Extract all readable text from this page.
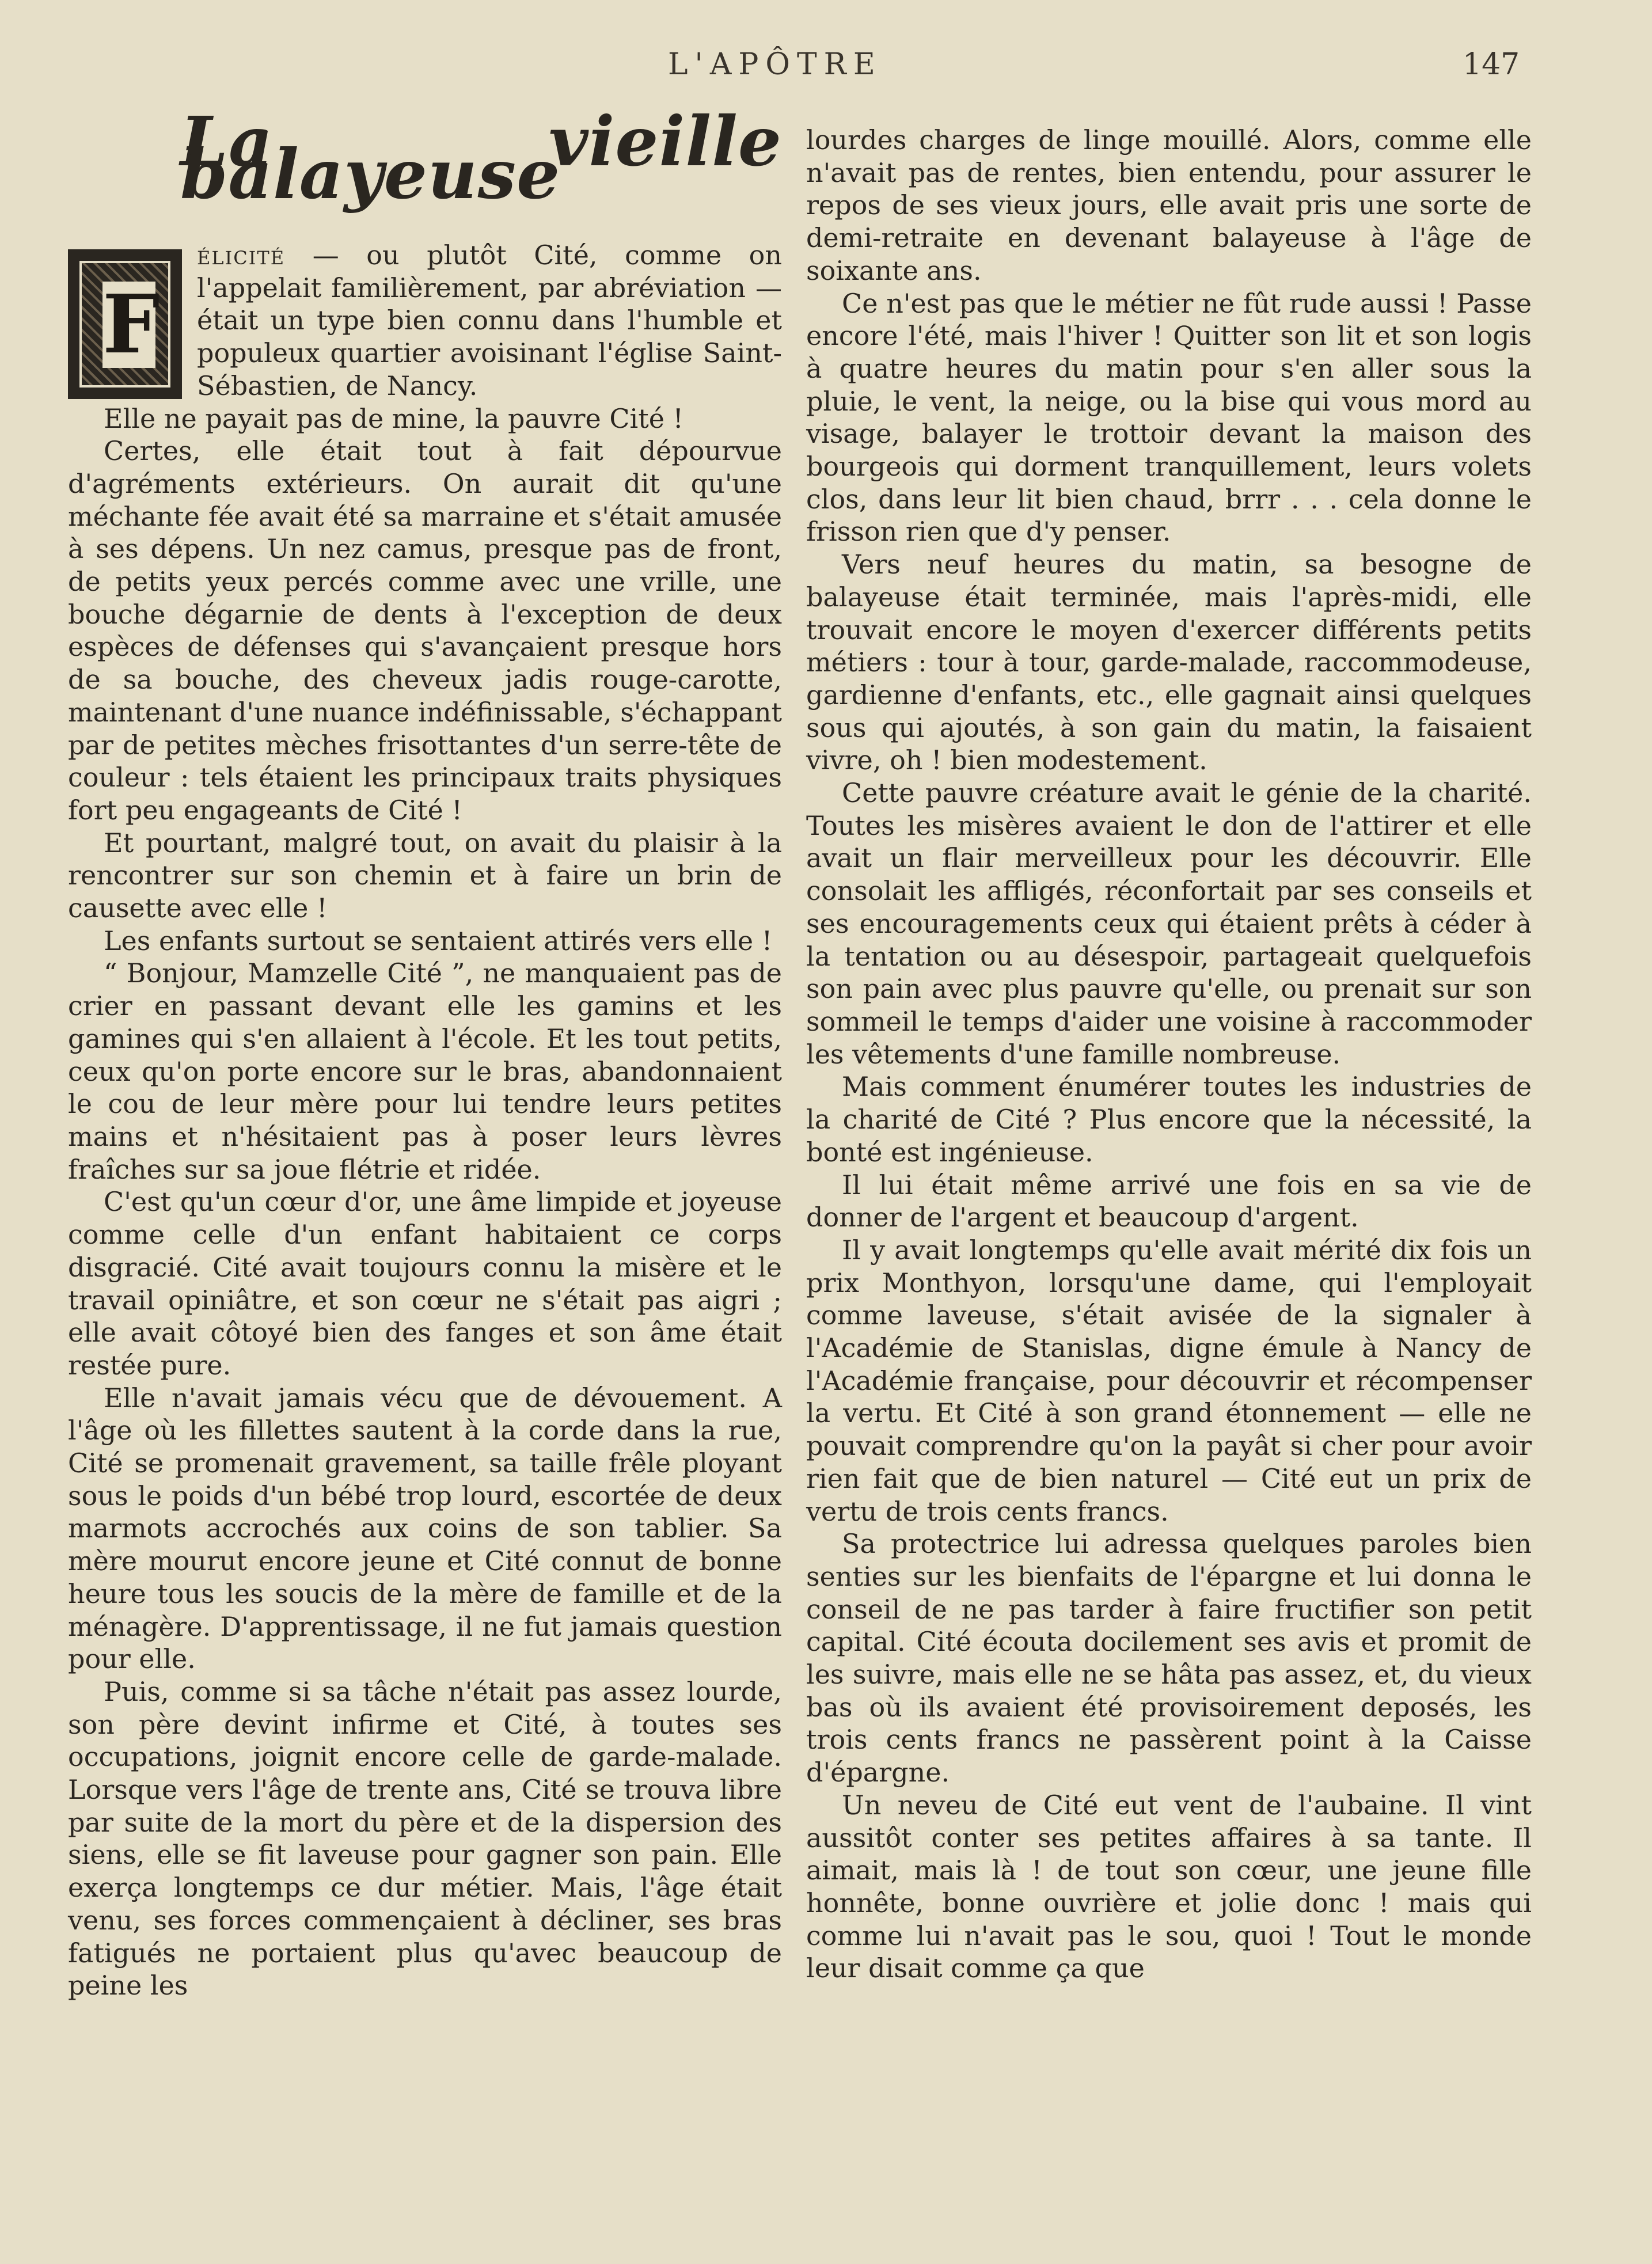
L'APÔTRE	147
La vieille balayeuse

F
élicité — ou plutôt Cité, comme on l'appelait familièrement, par abréviation — était un type bien connu dans l'humble et populeux quartier avoisinant l'église Saint-Sébastien, de Nancy.

Elle ne payait pas de mine, la pauvre Cité !

Certes, elle était tout à fait dépourvue d'agréments extérieurs. On aurait dit qu'une méchante fée avait été sa marraine et s'était amusée à ses dépens. Un nez camus, presque pas de front, de petits yeux percés comme avec une vrille, une bouche dégarnie de dents à l'exception de deux espèces de défenses qui s'avançaient presque hors de sa bouche, des cheveux jadis rouge-carotte, maintenant d'une nuance indéfinissable, s'échappant par de petites mèches frisottantes d'un serre-tête de couleur : tels étaient les principaux traits physiques fort peu engageants de Cité !

Et pourtant, malgré tout, on avait du plaisir à la rencontrer sur son chemin et à faire un brin de causette avec elle !

Les enfants surtout se sentaient attirés vers elle !

“ Bonjour, Mamzelle Cité ”, ne manquaient pas de crier en passant devant elle les gamins et les gamines qui s'en allaient à l'école. Et les tout petits, ceux qu'on porte encore sur le bras, abandonnaient le cou de leur mère pour lui tendre leurs petites mains et n'hésitaient pas à poser leurs lèvres fraîches sur sa joue flétrie et ridée.

C'est qu'un cœur d'or, une âme limpide et joyeuse comme celle d'un enfant habitaient ce corps disgracié. Cité avait toujours connu la misère et le travail opiniâtre, et son cœur ne s'était pas aigri ; elle avait côtoyé bien des fanges et son âme était restée pure.

Elle n'avait jamais vécu que de dévouement. A l'âge où les fillettes sautent à la corde dans la rue, Cité se promenait gravement, sa taille frêle ployant sous le poids d'un bébé trop lourd, escortée de deux marmots accrochés aux coins de son tablier. Sa mère mourut encore jeune et Cité connut de bonne heure tous les soucis de la mère de famille et de la ménagère. D'apprentissage, il ne fut jamais question pour elle.

Puis, comme si sa tâche n'était pas assez lourde, son père devint infirme et Cité, à toutes ses occupations, joignit encore celle de garde-malade. Lorsque vers l'âge de trente ans, Cité se trouva libre par suite de la mort du père et de la dispersion des siens, elle se fit laveuse pour gagner son pain. Elle exerça longtemps ce dur métier. Mais, l'âge était venu, ses forces commençaient à décliner, ses bras fatigués ne portaient plus qu'avec beaucoup de peine les

lourdes charges de linge mouillé. Alors, comme elle n'avait pas de rentes, bien entendu, pour assurer le repos de ses vieux jours, elle avait pris une sorte de demi-retraite en devenant balayeuse à l'âge de soixante ans.

Ce n'est pas que le métier ne fût rude aussi ! Passe encore l'été, mais l'hiver ! Quitter son lit et son logis à quatre heures du matin pour s'en aller sous la pluie, le vent, la neige, ou la bise qui vous mord au visage, balayer le trottoir devant la maison des bourgeois qui dorment tranquillement, leurs volets clos, dans leur lit bien chaud, brrr . . . cela donne le frisson rien que d'y penser.

Vers neuf heures du matin, sa besogne de balayeuse était terminée, mais l'après-midi, elle trouvait encore le moyen d'exercer différents petits métiers : tour à tour, garde-malade, raccommodeuse, gardienne d'enfants, etc., elle gagnait ainsi quelques sous qui ajoutés, à son gain du matin, la faisaient vivre, oh ! bien modestement.

Cette pauvre créature avait le génie de la charité. Toutes les misères avaient le don de l'attirer et elle avait un flair merveilleux pour les découvrir. Elle consolait les affligés, réconfortait par ses conseils et ses encouragements ceux qui étaient prêts à céder à la tentation ou au désespoir, partageait quelquefois son pain avec plus pauvre qu'elle, ou prenait sur son sommeil le temps d'aider une voisine à raccommoder les vêtements d'une famille nombreuse.

Mais comment énumérer toutes les industries de la charité de Cité ? Plus encore que la nécessité, la bonté est ingénieuse.

Il lui était même arrivé une fois en sa vie de donner de l'argent et beaucoup d'argent.

Il y avait longtemps qu'elle avait mérité dix fois un prix Monthyon, lorsqu'une dame, qui l'employait comme laveuse, s'était avisée de la signaler à l'Académie de Stanislas, digne émule à Nancy de l'Académie française, pour découvrir et récompenser la vertu. Et Cité à son grand étonnement — elle ne pouvait comprendre qu'on la payât si cher pour avoir rien fait que de bien naturel — Cité eut un prix de vertu de trois cents francs.

Sa protectrice lui adressa quelques paroles bien senties sur les bienfaits de l'épargne et lui donna le conseil de ne pas tarder à faire fructifier son petit capital. Cité écouta docilement ses avis et promit de les suivre, mais elle ne se hâta pas assez, et, du vieux bas où ils avaient été provisoirement deposés, les trois cents francs ne passèrent point à la Caisse d'épargne.

Un neveu de Cité eut vent de l'aubaine. Il vint aussitôt conter ses petites affaires à sa tante. Il aimait, mais là ! de tout son cœur, une jeune fille honnête, bonne ouvrière et jolie donc ! mais qui comme lui n'avait pas le sou, quoi ! Tout le monde leur disait comme ça que
